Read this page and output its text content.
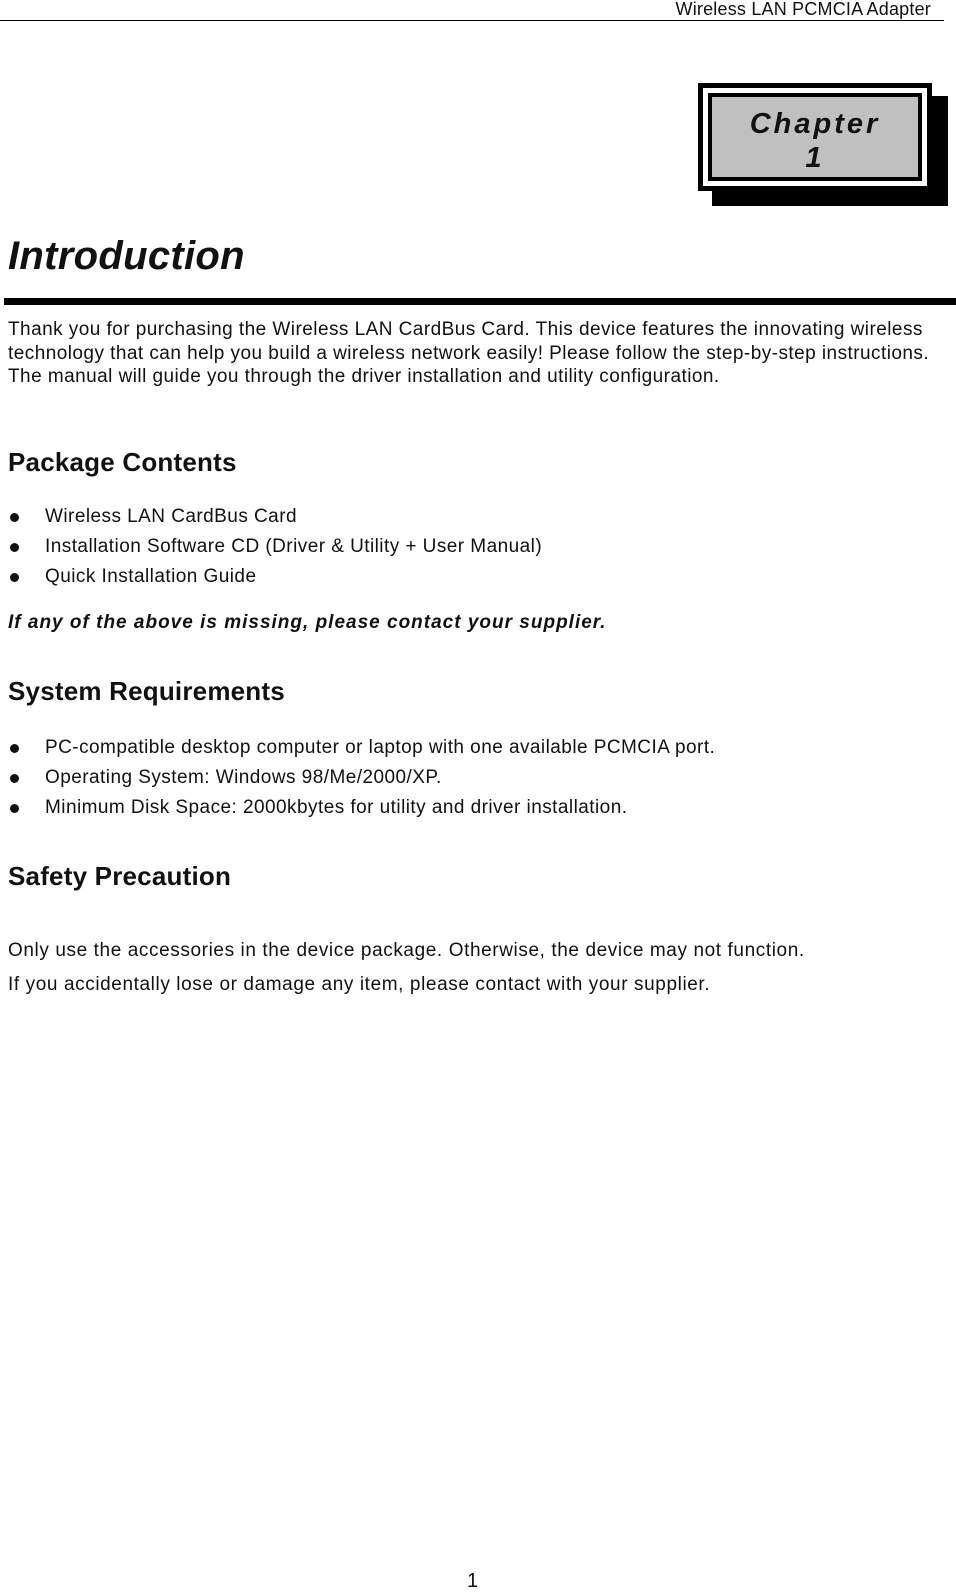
Wireless LAN PCMCIA Adapter
Chapter
1
Introduction

Thank you for purchasing the Wireless LAN CardBus Card. This device features the innovating wireless technology that can help you build a wireless network easily! Please follow the step-by-step instructions. The manual will guide you through the driver installation and utility configuration.

Package Contents
Wireless LAN CardBus Card
Installation Software CD (Driver & Utility + User Manual)
Quick Installation Guide

If any of the above is missing, please contact your supplier.

System Requirements
PC-compatible desktop computer or laptop with one available PCMCIA port.
Operating System: Windows 98/Me/2000/XP.
Minimum Disk Space: 2000kbytes for utility and driver installation.
Safety Precaution

Only use the accessories in the device package. Otherwise, the device may not function.

If you accidentally lose or damage any item, please contact with your supplier.

1
